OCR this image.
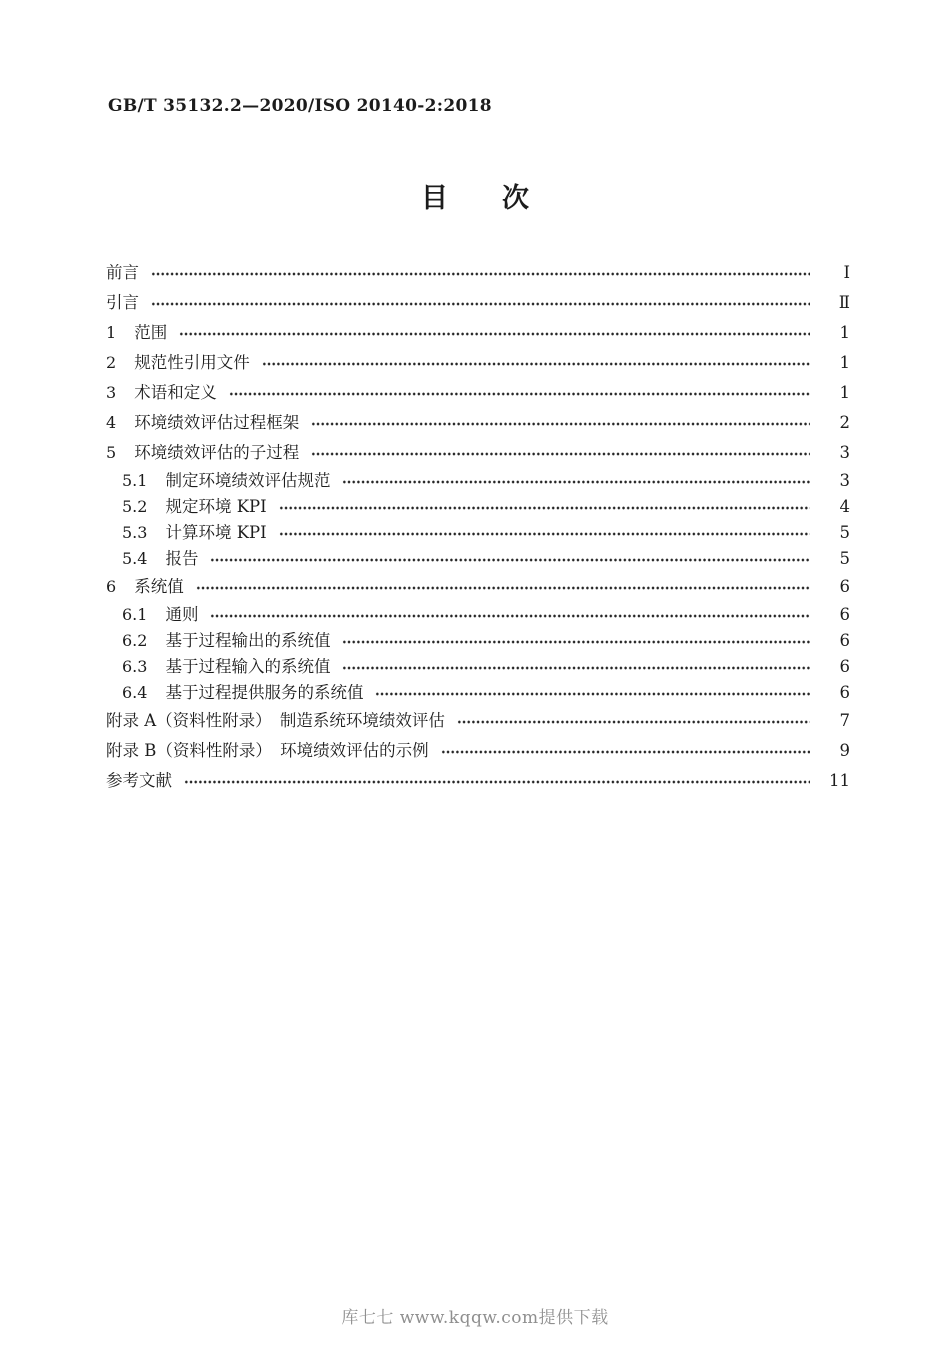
GB/T 35132.2—2020/ISO 20140-2:2018
目　　次
前言	Ⅰ
引言	Ⅱ
1 范围	1
2 规范性引用文件	1
3 术语和定义	1
4 环境绩效评估过程框架	2
5 环境绩效评估的子过程	3
5.1 制定环境绩效评估规范	3
5.2 规定环境 KPI	4
5.3 计算环境 KPI	5
5.4 报告	5
6 系统值	6
6.1 通则	6
6.2 基于过程输出的系统值	6
6.3 基于过程输入的系统值	6
6.4 基于过程提供服务的系统值	6
附录 A（资料性附录）　制造系统环境绩效评估	7
附录 B（资料性附录）　环境绩效评估的示例	9
参考文献	11
库七七 www.kqqw.com提供下载
